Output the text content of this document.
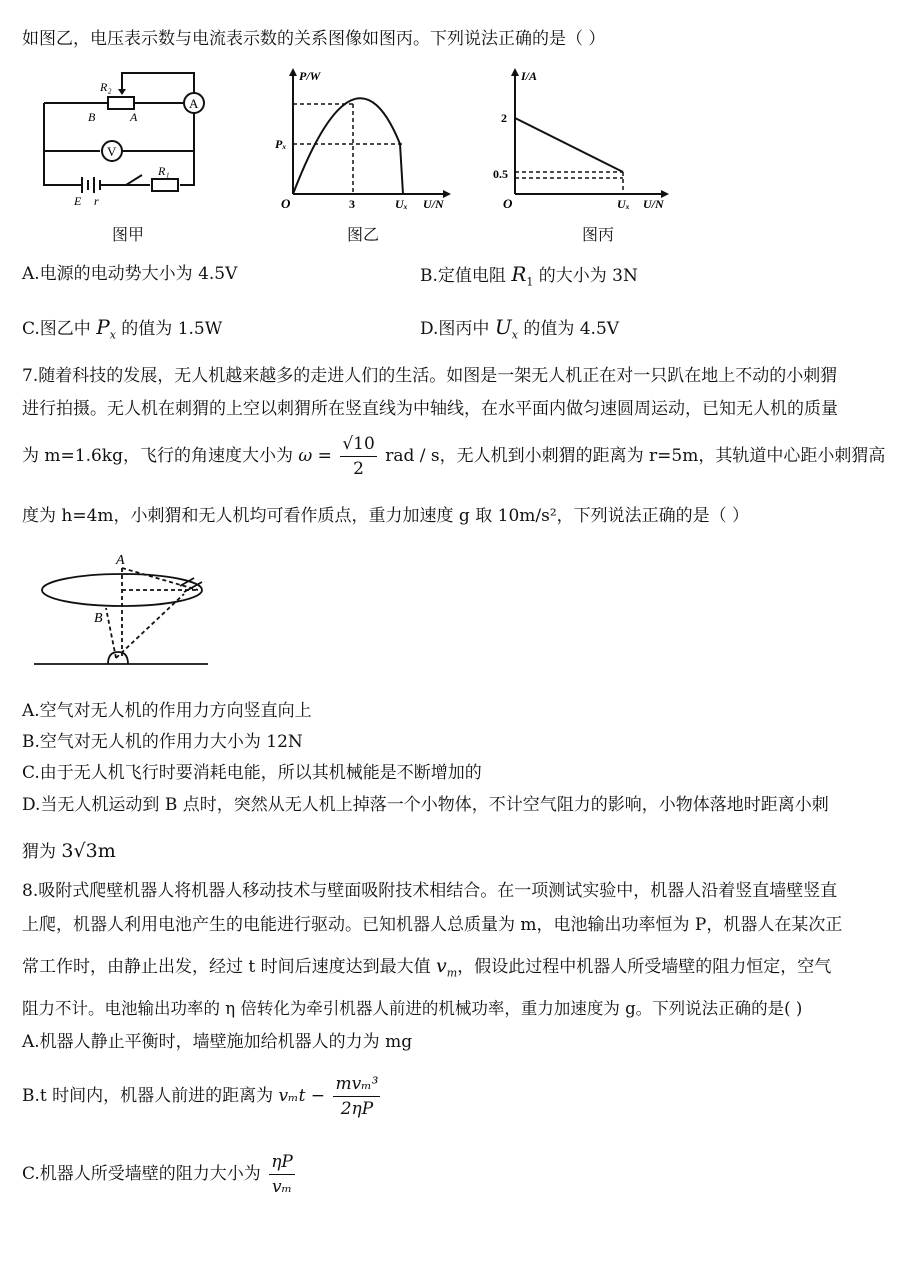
如图乙，电压表示数与电流表示数的关系图像如图丙。下列说法正确的是（ ）
R₂
B	A
A
V
R₁
E r
图甲
P/W
Pₓ
O	3	Uₓ U/N
图乙
I/A
2
0.5
O	Uₓ U/N
图丙
A.电源的电动势大小为 4.5V	B.定值电阻 $R_1$ 的大小为 3N
C.图乙中 $P_x$ 的值为 1.5W	D.图丙中 $U_x$ 的值为 4.5V
7.随着科技的发展，无人机越来越多的走进人们的生活。如图是一架无人机正在对一只趴在地上不动的小刺猬
进行拍摄。无人机在刺猬的上空以刺猬所在竖直线为中轴线，在水平面内做匀速圆周运动，已知无人机的质量
为 m=1.6kg，飞行的角速度大小为 $\omega = \frac{√10}{2}$ rad / s，无人机到小刺猬的距离为 r=5m，其轨道中心距小刺猬高
度为 h=4m，小刺猬和无人机均可看作质点，重力加速度 g 取 10m/s²，下列说法正确的是（ ）
A
B
A.空气对无人机的作用力方向竖直向上
B.空气对无人机的作用力大小为 12N
C.由于无人机飞行时要消耗电能，所以其机械能是不断增加的
D.当无人机运动到 B 点时，突然从无人机上掉落一个小物体，不计空气阻力的影响，小物体落地时距离小刺
猬为 3√3m
8.吸附式爬壁机器人将机器人移动技术与壁面吸附技术相结合。在一项测试实验中，机器人沿着竖直墙壁竖直
上爬，机器人利用电池产生的电能进行驱动。已知机器人总质量为 m，电池输出功率恒为 P，机器人在某次正
常工作时，由静止出发，经过 t 时间后速度达到最大值 $v_m$，假设此过程中机器人所受墙壁的阻力恒定，空气
阻力不计。电池输出功率的 η 倍转化为牵引机器人前进的机械功率，重力加速度为 g。下列说法正确的是( )
A.机器人静止平衡时，墙壁施加给机器人的力为 mg
B.t 时间内，机器人前进的距离为 $v_mt - \frac{\text{mvₘ³}}{2\eta P}$
C.机器人所受墙壁的阻力大小为 $\frac{\eta P}{\text{vₘ}}$
